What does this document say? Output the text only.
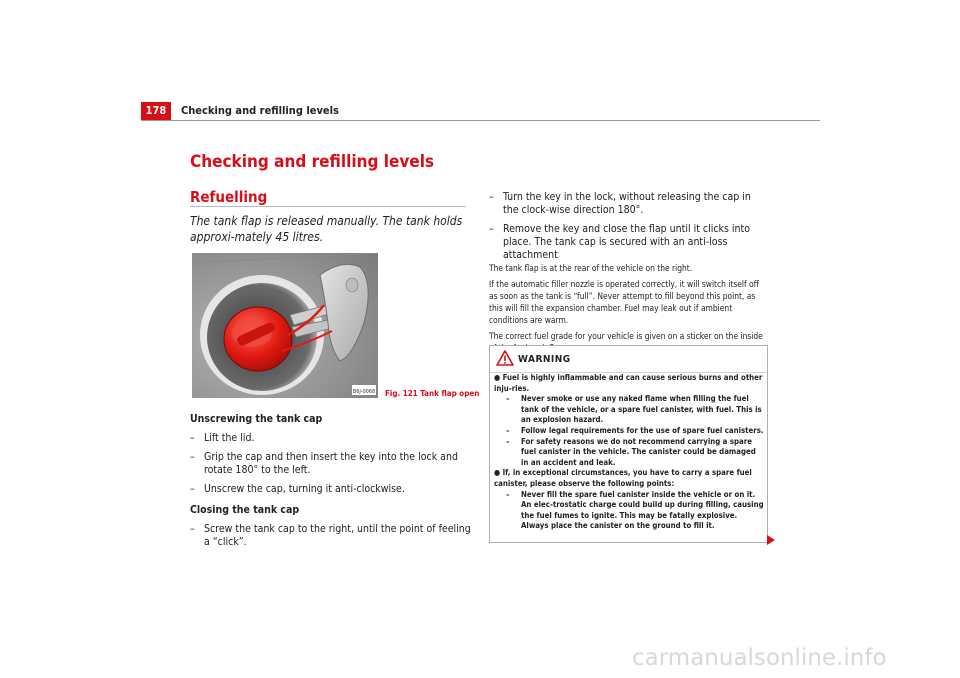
178	Checking and refilling levels
Checking and refilling levels
Refuelling
The tank flap is released manually. The tank holds approxi-mately 45 litres.
B6J-0068 Fig. 121 Tank flap open
Unscrewing the tank cap
– Lift the lid.
– Grip the cap and then insert the key into the lock and rotate 180° to the left.
– Unscrew the cap, turning it anti-clockwise.
Closing the tank cap
– Screw the tank cap to the right, until the point of feeling a “click”.
– Turn the key in the lock, without releasing the cap in the clock-wise direction 180°.
– Remove the key and close the flap until it clicks into place. The tank cap is secured with an anti-loss attachment

The tank flap is at the rear of the vehicle on the right.

If the automatic filler nozzle is operated correctly, it will switch itself off as soon as the tank is “full”. Never attempt to fill beyond this point, as this will fill the expansion chamber. Fuel may leak out if ambient conditions are warm.

The correct fuel grade for your vehicle is given on a sticker on the inside

WARNING
● Fuel is highly inflammable and can cause serious burns and other inju-ries.
–	Never smoke or use any naked flame when filling the fuel tank of the vehicle, or a spare fuel canister, with fuel. This is an explosion hazard.
–	Follow legal requirements for the use of spare fuel canisters.
–	For safety reasons we do not recommend carrying a spare fuel canister in the vehicle. The canister could be damaged in an accident and leak.
● If, in exceptional circumstances, you have to carry a spare fuel canister, please observe the following points:
–	Never fill the spare fuel canister inside the vehicle or on it. An elec-trostatic charge could build up during filling, causing the fuel fumes to ignite. This may be fatally explosive. Always place the canister on the ground to fill it.
carmanualsonline.info
